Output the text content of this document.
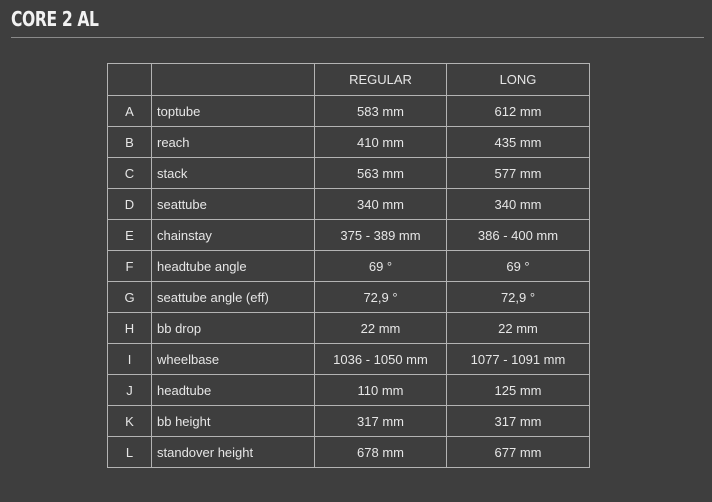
CORE 2 AL
		REGULAR	LONG
A	toptube	583 mm	612 mm
B	reach	410 mm	435 mm
C	stack	563 mm	577 mm
D	seattube	340 mm	340 mm
E	chainstay	375 - 389 mm	386 - 400 mm
F	headtube angle	69 °	69 °
G	seattube angle (eff)	72,9 °	72,9 °
H	bb drop	22 mm	22 mm
I	wheelbase	1036 - 1050 mm	1077 - 1091 mm
J	headtube	110 mm	125 mm
K	bb height	317 mm	317 mm
L	standover height	678 mm	677 mm
